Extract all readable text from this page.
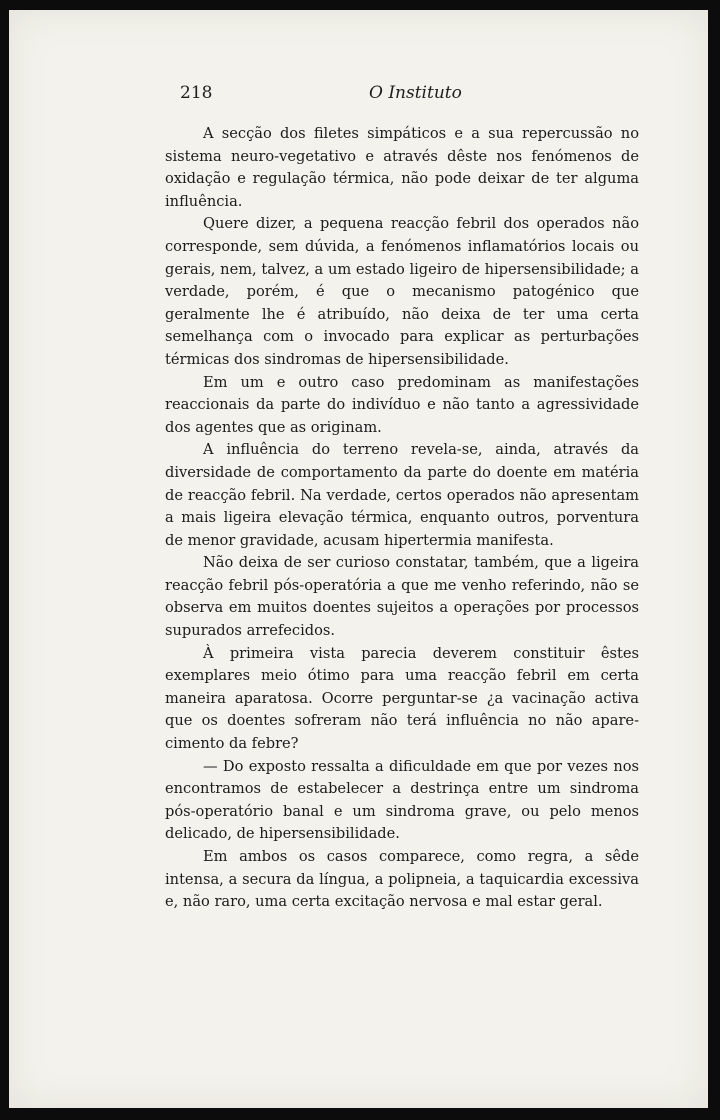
218	O Instituto

A secção dos filetes simpáticos e a sua repercussão no sistema neuro-vegetativo e através dêste nos fenómenos de oxidação e regulação térmica, não pode deixar de ter alguma influência.

Quere dizer, a pequena reacção febril dos operados não corresponde, sem dúvida, a fenómenos inflamatórios locais ou gerais, nem, talvez, a um estado ligeiro de hipersensibilidade; a verdade, porém, é que o mecanismo patogénico que geralmente lhe é atribuído, não deixa de ter uma certa semelhança com o invocado para explicar as perturbações térmicas dos sindromas de hipersensibilidade.

Em um e outro caso predominam as manifestações reaccionais da parte do indivíduo e não tanto a agressividade dos agentes que as originam.

A influência do terreno revela-se, ainda, através da diversidade de comportamento da parte do doente em matéria de reacção febril. Na verdade, certos operados não apresentam a mais ligeira elevação térmica, enquanto outros, porventura de menor gravidade, acusam hipertermia manifesta.

Não deixa de ser curioso constatar, também, que a ligeira reacção febril pós-operatória a que me venho referindo, não se observa em muitos doentes sujeitos a operações por processos supurados arrefecidos.

À primeira vista parecia deverem constituir êstes exemplares meio ótimo para uma reacção febril em certa maneira aparatosa. Ocorre perguntar-se ¿a vacinação activa que os doentes sofreram não terá influência no não aparecimento da febre?

— Do exposto ressalta a dificuldade em que por vezes nos encontramos de estabelecer a destrinça entre um sindroma pós-operatório banal e um sindroma grave, ou pelo menos delicado, de hipersensibilidade.

Em ambos os casos comparece, como regra, a sêde intensa, a secura da língua, a polipneia, a taquicardia excessiva e, não raro, uma certa excitação nervosa e mal estar geral.
